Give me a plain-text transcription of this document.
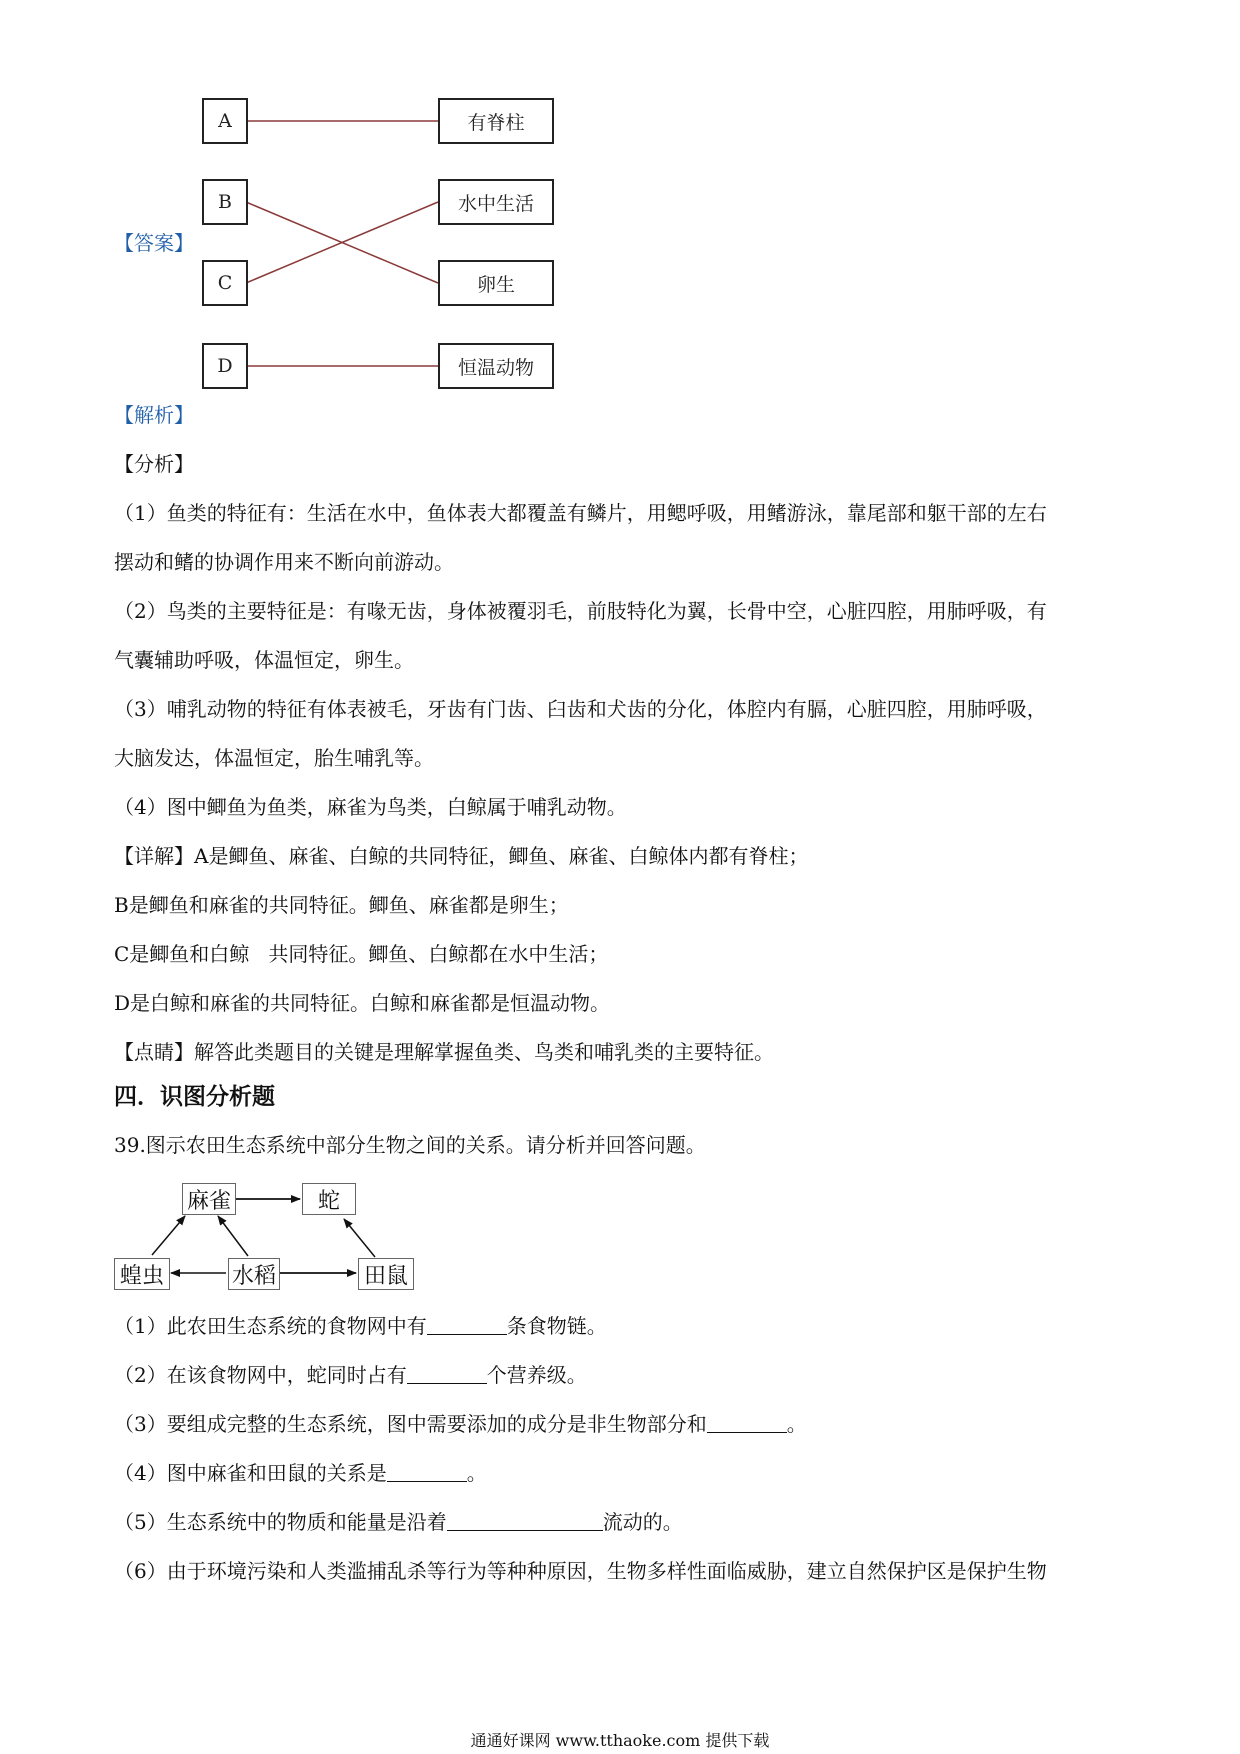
A
B
C
D
有脊柱
水中生活
卵生
恒温动物
【答案】
【解析】
【分析】
（1）鱼类的特征有：生活在水中，鱼体表大都覆盖有鳞片，用鳃呼吸，用鳍游泳，靠尾部和躯干部的左右
摆动和鳍的协调作用来不断向前游动。
（2）鸟类的主要特征是：有喙无齿，身体被覆羽毛，前肢特化为翼，长骨中空，心脏四腔，用肺呼吸，有
气囊辅助呼吸，体温恒定，卵生。
（3）哺乳动物的特征有体表被毛，牙齿有门齿、臼齿和犬齿的分化，体腔内有膈，心脏四腔，用肺呼吸，
大脑发达，体温恒定，胎生哺乳等。
（4）图中鲫鱼为鱼类，麻雀为鸟类，白鲸属于哺乳动物。
【详解】A是鲫鱼、麻雀、白鲸的共同特征，鲫鱼、麻雀、白鲸体内都有脊柱；
B是鲫鱼和麻雀的共同特征。鲫鱼、麻雀都是卵生；
C是鲫鱼和白鲸   共同特征。鲫鱼、白鲸都在水中生活；
D是白鲸和麻雀的共同特征。白鲸和麻雀都是恒温动物。
【点睛】解答此类题目的关键是理解掌握鱼类、鸟类和哺乳类的主要特征。
四．识图分析题
39.图示农田生态系统中部分生物之间的关系。请分析并回答问题。
麻雀	蛇
蝗虫	水稻	田鼠
（1）此农田生态系统的食物网中有	条食物链。
（2）在该食物网中，蛇同时占有	个营养级。
（3）要组成完整的生态系统，图中需要添加的成分是非生物部分和	。
（4）图中麻雀和田鼠的关系是	。
（5）生态系统中的物质和能量是沿着	流动的。
（6）由于环境污染和人类滥捕乱杀等行为等种种原因，生物多样性面临威胁，建立自然保护区是保护生物
通通好课网 www.tthaoke.com 提供下载
